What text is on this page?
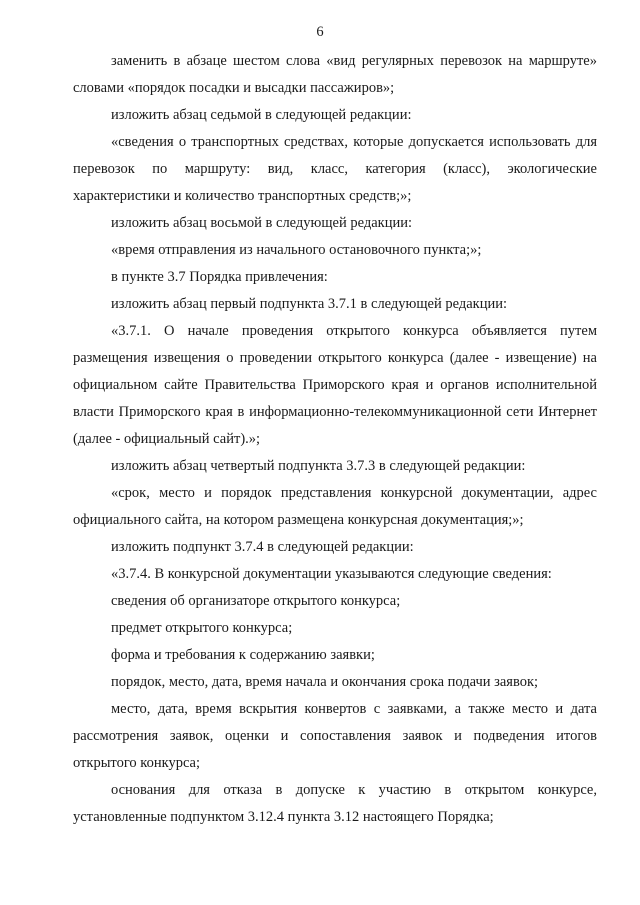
6

заменить в абзаце шестом слова «вид регулярных перевозок на маршруте» словами «порядок посадки и высадки пассажиров»;

изложить абзац седьмой в следующей редакции:

«сведения о транспортных средствах, которые допускается использовать для перевозок по маршруту: вид, класс, категория (класс), экологические характеристики и количество транспортных средств;»;

изложить абзац восьмой в следующей редакции:

«время отправления из начального остановочного пункта;»;

в пункте 3.7 Порядка привлечения:

изложить абзац первый подпункта 3.7.1 в следующей редакции:

«3.7.1. О начале проведения открытого конкурса объявляется путем размещения извещения о проведении открытого конкурса (далее - извещение) на официальном сайте Правительства Приморского края и органов исполнительной власти Приморского края в информационно-телекоммуникационной сети Интернет (далее - официальный сайт).»;

изложить абзац четвертый подпункта 3.7.3 в следующей редакции:

«срок, место и порядок представления конкурсной документации, адрес официального сайта, на котором размещена конкурсная документация;»;

изложить подпункт 3.7.4 в следующей редакции:

«3.7.4. В конкурсной документации указываются следующие сведения:

сведения об организаторе открытого конкурса;

предмет открытого конкурса;

форма и требования к содержанию заявки;

порядок, место, дата, время начала и окончания срока подачи заявок;

место, дата, время вскрытия конвертов с заявками, а также место и дата рассмотрения заявок, оценки и сопоставления заявок и подведения итогов открытого конкурса;

основания для отказа в допуске к участию в открытом конкурсе, установленные подпунктом 3.12.4 пункта 3.12 настоящего Порядка;
